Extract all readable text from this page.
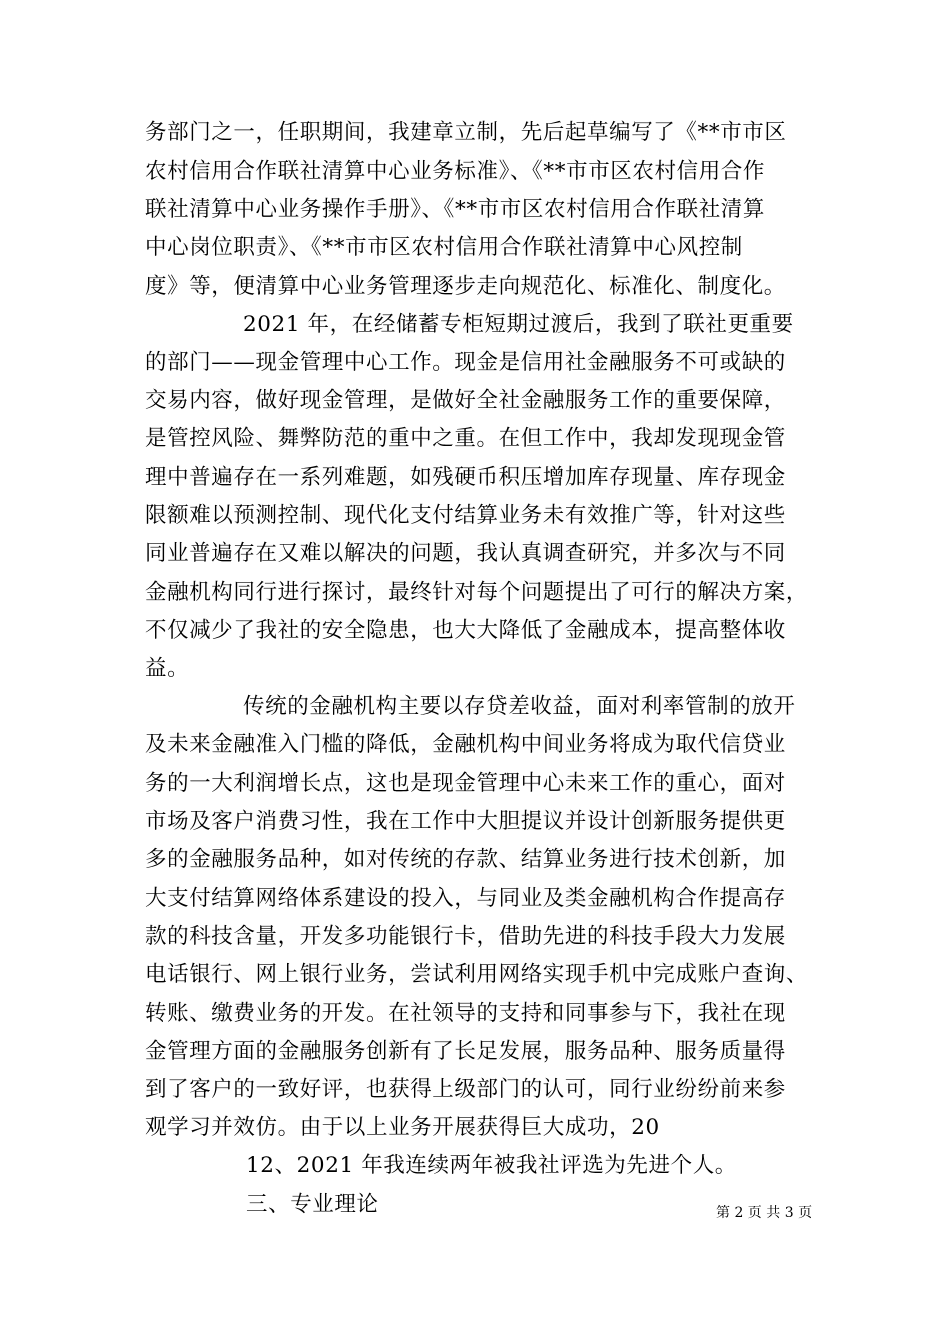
务部门之一，任职期间，我建章立制，先后起草编写了《**市市区
农村信用合作联社清算中心业务标准》、《**市市区农村信用合作
联社清算中心业务操作手册》、《**市市区农村信用合作联社清算
中心岗位职责》、《**市市区农村信用合作联社清算中心风控制
度》等，便清算中心业务管理逐步走向规范化、标准化、制度化。
2021 年，在经储蓄专柜短期过渡后，我到了联社更重要
的部门——现金管理中心工作。现金是信用社金融服务不可或缺的
交易内容，做好现金管理，是做好全社金融服务工作的重要保障，
是管控风险、舞弊防范的重中之重。在但工作中，我却发现现金管
理中普遍存在一系列难题，如残硬币积压增加库存现量、库存现金
限额难以预测控制、现代化支付结算业务未有效推广等，针对这些
同业普遍存在又难以解决的问题，我认真调查研究，并多次与不同
金融机构同行进行探讨，最终针对每个问题提出了可行的解决方案，
不仅减少了我社的安全隐患，也大大降低了金融成本，提高整体收
益。
传统的金融机构主要以存贷差收益，面对利率管制的放开
及未来金融准入门槛的降低，金融机构中间业务将成为取代信贷业
务的一大利润增长点，这也是现金管理中心未来工作的重心，面对
市场及客户消费习性，我在工作中大胆提议并设计创新服务提供更
多的金融服务品种，如对传统的存款、结算业务进行技术创新，加
大支付结算网络体系建设的投入，与同业及类金融机构合作提高存
款的科技含量，开发多功能银行卡，借助先进的科技手段大力发展
电话银行、网上银行业务，尝试利用网络实现手机中完成账户查询、
转账、缴费业务的开发。在社领导的支持和同事参与下，我社在现
金管理方面的金融服务创新有了长足发展，服务品种、服务质量得
到了客户的一致好评，也获得上级部门的认可，同行业纷纷前来参
观学习并效仿。由于以上业务开展获得巨大成功，20
12、2021 年我连续两年被我社评选为先进个人。
三、专业理论	第 2 页 共 3 页
